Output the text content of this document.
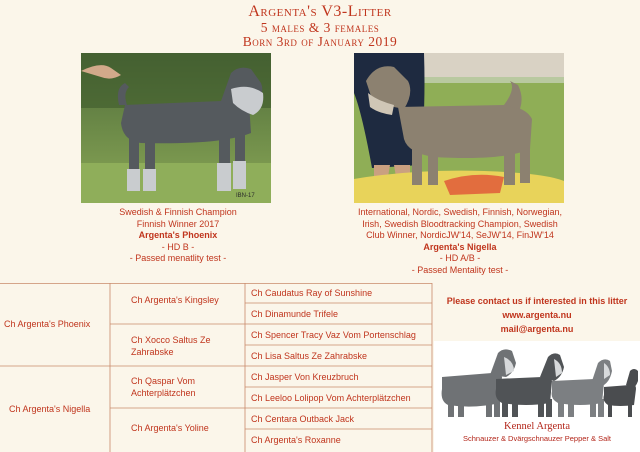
Argenta's V3-Litter
5 males & 3 females
Born 3rd of January 2019
IBN-17
Swedish & Finnish Champion
Finnish Winner 2017
Argenta's Phoenix
- HD B -
- Passed menatlity test -
International, Nordic, Swedish, Finnish, Norwegian,
Irish, Swedish Bloodtracking Champion, Swedish
Club Winner, NordicJW'14, SeJW'14, FinJW'14
Argenta's Nigella
- HD A/B -
- Passed Mentality test -
Ch Argenta's Phoenix
Ch Argenta's Nigella
Ch Argenta's Kingsley
Ch Xocco Saltus Ze Zahrabske
Ch Qaspar Vom Achterplätzchen
Ch Argenta's Yoline
Ch Caudatus Ray of Sunshine
Ch Dinamunde Trifele
Ch Spencer Tracy Vaz Vom Portenschlag
Ch Lisa Saltus Ze Zahrabske
Ch Jasper Von Kreuzbruch
Ch Leeloo Lolipop Vom Achterplätzchen
Ch Centara Outback Jack
Ch Argenta's Roxanne
Please contact us if interested in this litter
www.argenta.nu
mail@argenta.nu
Kennel Argenta
Schnauzer & Dvärgschnauzer Pepper & Salt
